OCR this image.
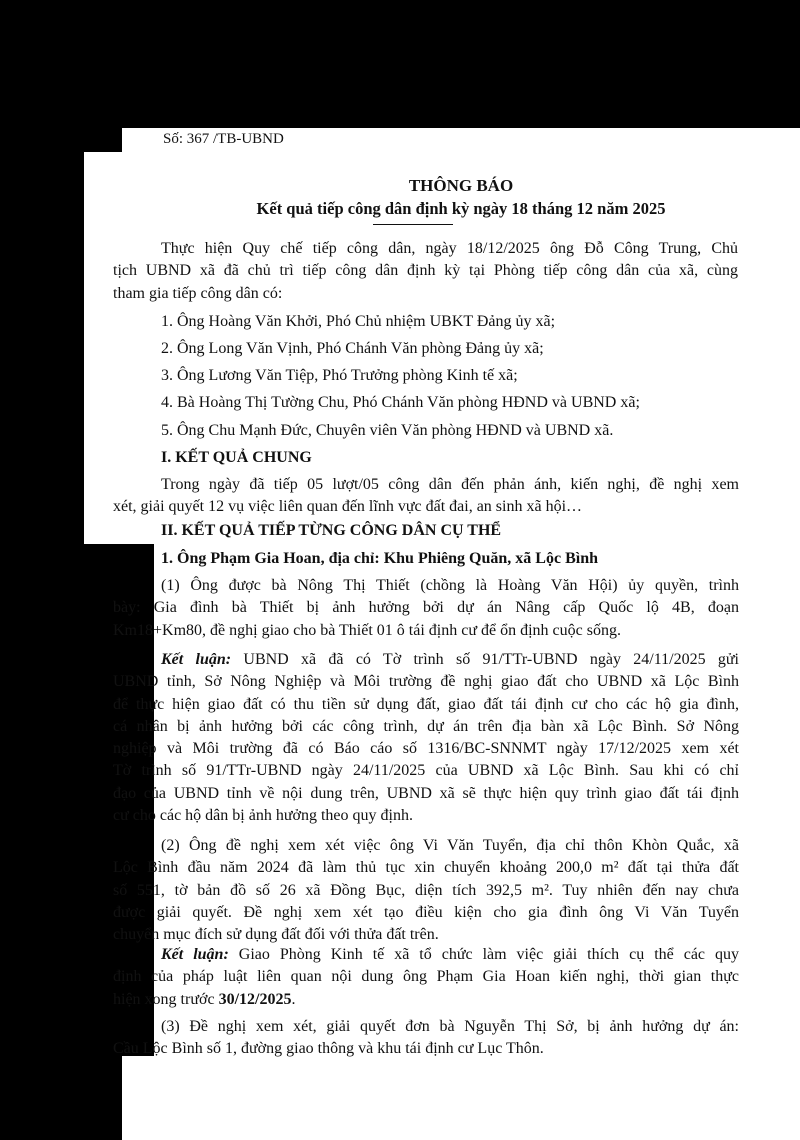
Số: 367 /TB-UBND
THÔNG BÁO
Kết quả tiếp công dân định kỳ ngày 18 tháng 12 năm 2025
Thực hiện Quy chế tiếp công dân, ngày 18/12/2025 ông Đỗ Công Trung, Chủ
tịch UBND xã đã chủ trì tiếp công dân định kỳ tại Phòng tiếp công dân của xã, cùng
tham gia tiếp công dân có:
1. Ông Hoàng Văn Khởi, Phó Chủ nhiệm UBKT Đảng ủy xã;
2. Ông Long Văn Vịnh, Phó Chánh Văn phòng Đảng ủy xã;
3. Ông Lương Văn Tiệp, Phó Trưởng phòng Kinh tế xã;
4. Bà Hoàng Thị Tường Chu, Phó Chánh Văn phòng HĐND và UBND xã;
5. Ông Chu Mạnh Đức, Chuyên viên Văn phòng HĐND và UBND xã.
I. KẾT QUẢ CHUNG
Trong ngày đã tiếp 05 lượt/05 công dân đến phản ánh, kiến nghị, đề nghị xem
xét, giải quyết 12 vụ việc liên quan đến lĩnh vực đất đai, an sinh xã hội…
II. KẾT QUẢ TIẾP TỪNG CÔNG DÂN CỤ THỂ
1. Ông Phạm Gia Hoan, địa chỉ: Khu Phiêng Quăn, xã Lộc Bình
(1) Ông được bà Nông Thị Thiết (chồng là Hoàng Văn Hội) ủy quyền, trình
bày: Gia đình bà Thiết bị ảnh hưởng bởi dự án Nâng cấp Quốc lộ 4B, đoạn
Km18+Km80, đề nghị giao cho bà Thiết 01 ô tái định cư để ổn định cuộc sống.
Kết luận: UBND xã đã có Tờ trình số 91/TTr-UBND ngày 24/11/2025 gửi
UBND tỉnh, Sở Nông Nghiệp và Môi trường đề nghị giao đất cho UBND xã Lộc Bình
để thực hiện giao đất có thu tiền sử dụng đất, giao đất tái định cư cho các hộ gia đình,
cá nhân bị ảnh hưởng bởi các công trình, dự án trên địa bàn xã Lộc Bình. Sở Nông
nghiệp và Môi trường đã có Báo cáo số 1316/BC-SNNMT ngày 17/12/2025 xem xét
Tờ trình số 91/TTr-UBND ngày 24/11/2025 của UBND xã Lộc Bình. Sau khi có chỉ
đạo của UBND tỉnh về nội dung trên, UBND xã sẽ thực hiện quy trình giao đất tái định
cư cho các hộ dân bị ảnh hưởng theo quy định.
(2) Ông đề nghị xem xét việc ông Vi Văn Tuyển, địa chỉ thôn Khòn Quắc, xã
Lộc Bình đầu năm 2024 đã làm thủ tục xin chuyển khoảng 200,0 m² đất tại thửa đất
số 551, tờ bản đồ số 26 xã Đồng Bục, diện tích 392,5 m². Tuy nhiên đến nay chưa
được giải quyết. Đề nghị xem xét tạo điều kiện cho gia đình ông Vi Văn Tuyển
chuyển mục đích sử dụng đất đối với thửa đất trên.
Kết luận: Giao Phòng Kinh tế xã tổ chức làm việc giải thích cụ thể các quy
định của pháp luật liên quan nội dung ông Phạm Gia Hoan kiến nghị, thời gian thực
hiện xong trước 30/12/2025.
(3) Đề nghị xem xét, giải quyết đơn bà Nguyễn Thị Sở, bị ảnh hưởng dự án:
Cầu Lộc Bình số 1, đường giao thông và khu tái định cư Lục Thôn.
